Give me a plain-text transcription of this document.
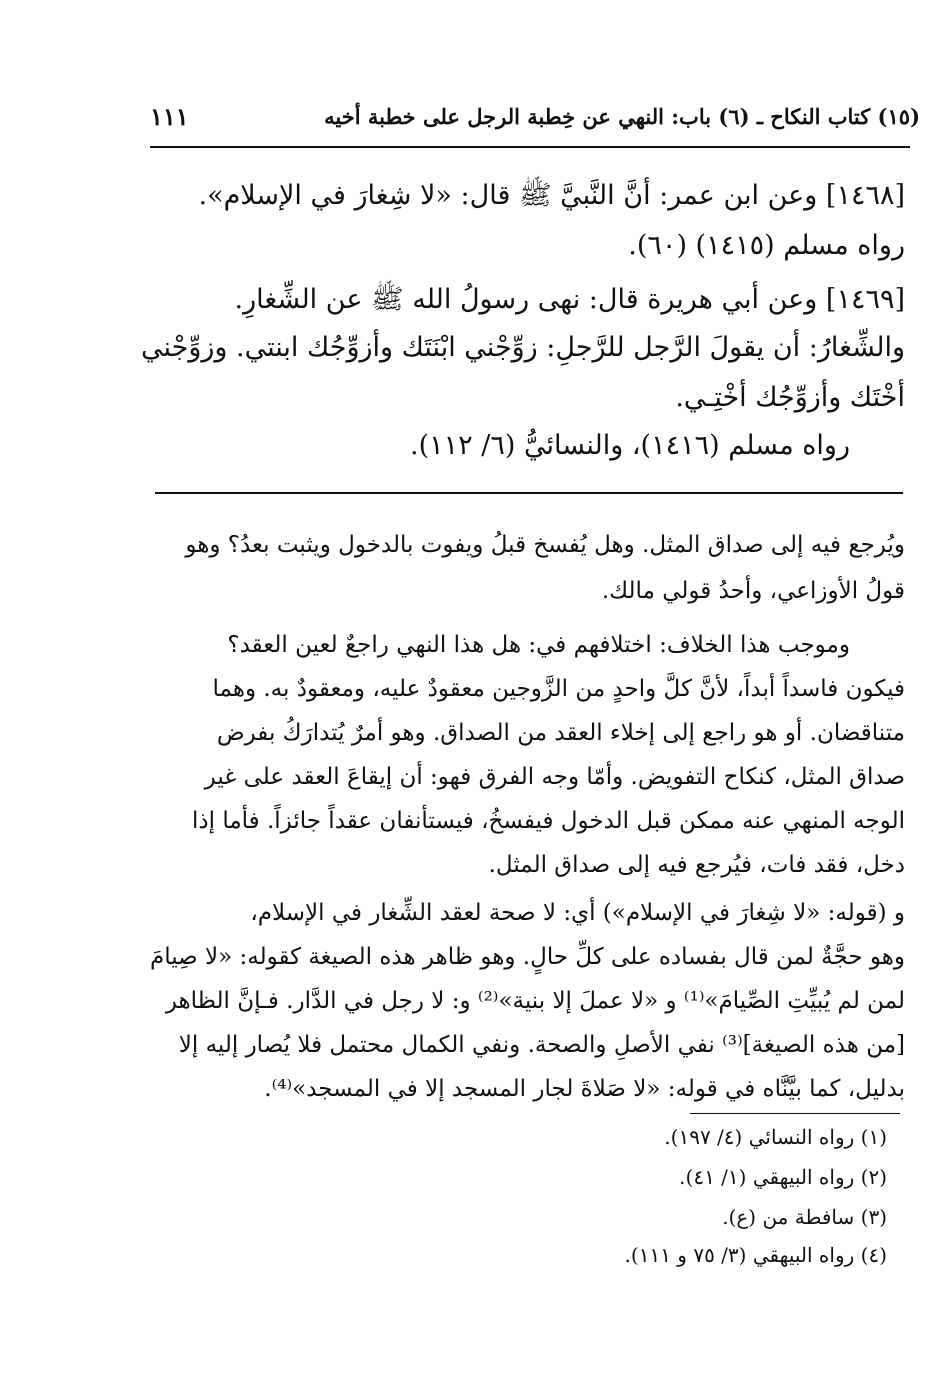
(١٥) كتاب النكاح ـ (٦) باب: النهي عن خِطبة الرجل على خطبة أخيه
١١١
[١٤٦٨] وعن ابن عمر: أنَّ النَّبيَّ ﷺ قال: «لا شِغارَ في الإسلام».
رواه مسلم (١٤١٥) (٦٠).
[١٤٦٩] وعن أبي هريرة قال: نهى رسولُ الله ﷺ عن الشِّغارِ.
والشِّغارُ: أن يقولَ الرَّجل للرَّجلِ: زوِّجْني ابْنَتَك وأزوِّجُك ابنتي. وزوِّجْني
أخْتَك وأزوِّجُك أخْتِـي.
رواه مسلم (١٤١٦)، والنسائيُّ (٦/ ١١٢).
ويُرجع فيه إلى صداق المثل. وهل يُفسخ قبلُ ويفوت بالدخول ويثبت بعدُ؟ وهو
قولُ الأوزاعي، وأحدُ قولي مالك.
وموجب هذا الخلاف: اختلافهم في: هل هذا النهي راجعٌ لعين العقد؟
فيكون فاسداً أبداً، لأنَّ كلَّ واحدٍ من الزَّوجين معقودٌ عليه، ومعقودٌ به. وهما
متناقضان. أو هو راجع إلى إخلاء العقد من الصداق. وهو أمرٌ يُتدارَكُ بفرض
صداق المثل، كنكاح التفويض. وأمّا وجه الفرق فهو: أن إيقاعَ العقد على غير
الوجه المنهي عنه ممكن قبل الدخول فيفسخُ، فيستأنفان عقداً جائزاً. فأما إذا
دخل، فقد فات، فيُرجع فيه إلى صداق المثل.
و (قوله: «لا شِغارَ في الإسلام») أي: لا صحة لعقد الشِّغار في الإسلام،
وهو حجَّةٌ لمن قال بفساده على كلِّ حالٍ. وهو ظاهر هذه الصيغة كقوله: «لا صِيامَ
لمن لم يُبيِّتِ الصِّيامَ»⁽¹⁾ و «لا عملَ إلا بنية»⁽²⁾ و: لا رجل في الدَّار. فـإنَّ الظاهر
[من هذه الصيغة]⁽³⁾ نفي الأصلِ والصحة. ونفي الكمال محتمل فلا يُصار إليه إلا
بدليل، كما بيَّنَّاه في قوله: «لا صَلاةَ لجار المسجد إلا في المسجد»⁽⁴⁾.
(١) رواه النسائي (٤/ ١٩٧).
(٢) رواه البيهقي (١/ ٤١).
(٣) سافطة من (ع).
(٤) رواه البيهقي (٣/ ٧٥ و ١١١).
